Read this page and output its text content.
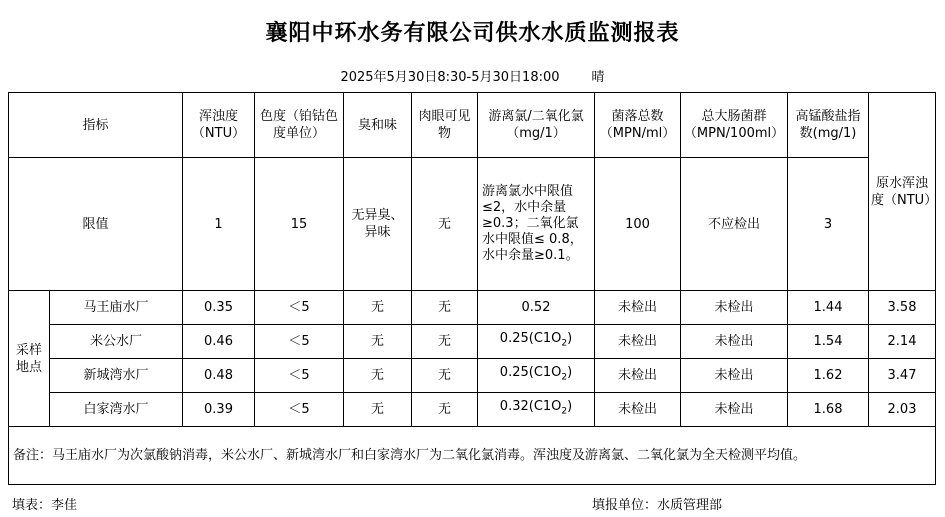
襄阳中环水务有限公司供水水质监测报表
2025年5月30日8:30-5月30日18:00 晴
指标		浑浊度（NTU）	色度（铂钴色度单位）	臭和味	肉眼可见物	游离氯/二氧化氯（mg/1）	菌落总数（MPN/ml）	总大肠菌群（MPN/100ml）	高锰酸盐指数(mg/1)	原水浑浊度（NTU）
限值		1	15	无异臭、异味	无	游离氯水中限值 ≤2，水中余量≥0.3；二氧化氯水中限值≤ 0.8，水中余量≥0.1。	100	不应检出	3	
采样地点	马王庙水厂	0.35	＜5	无	无	0.52	未检出	未检出	1.44	3.58
	米公水厂	0.46	＜5	无	无	$0.25(C1O_2)$	未检出	未检出	1.54	2.14
	新城湾水厂	0.48	＜5	无	无	$0.25(C1O_2)$	未检出	未检出	1.62	3.47
	白家湾水厂	0.39	＜5	无	无	$0.32(C1O_2)$	未检出	未检出	1.68	2.03
备注：马王庙水厂为次氯酸钠消毒，米公水厂、新城湾水厂和白家湾水厂为二氧化氯消毒。浑浊度及游离氯、二氧化氯为全天检测平均值。										
填表：李佳	填报单位：水质管理部
